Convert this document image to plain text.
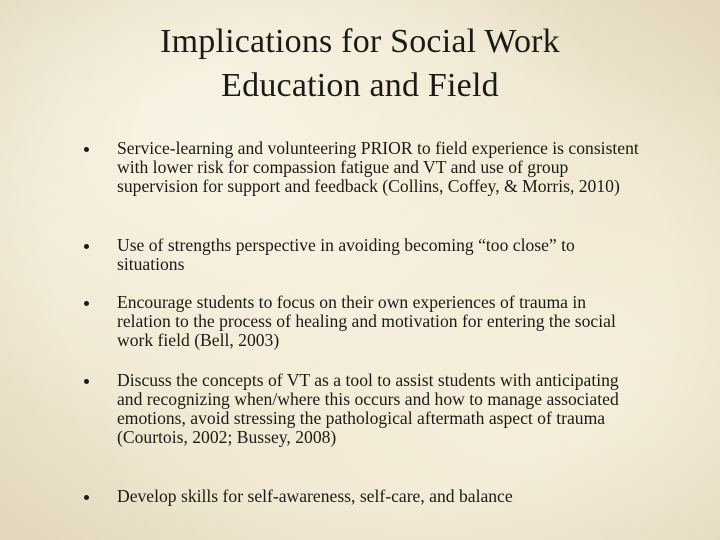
Implications for Social Work
Education and Field

Service-learning and volunteering PRIOR to field experience is consistent with lower risk for compassion fatigue and VT and use of group supervision for support and feedback (Collins, Coffey, & Morris, 2010)

Use of strengths perspective in avoiding becoming “too close” to situations

Encourage students to focus on their own experiences of trauma in relation to the process of healing and motivation for entering the social work field (Bell, 2003)

Discuss the concepts of VT as a tool to assist students with anticipating and recognizing when/where this occurs and how to manage associated emotions, avoid stressing the pathological aftermath aspect of trauma (Courtois, 2002; Bussey, 2008)

Develop skills for self-awareness, self-care, and balance
